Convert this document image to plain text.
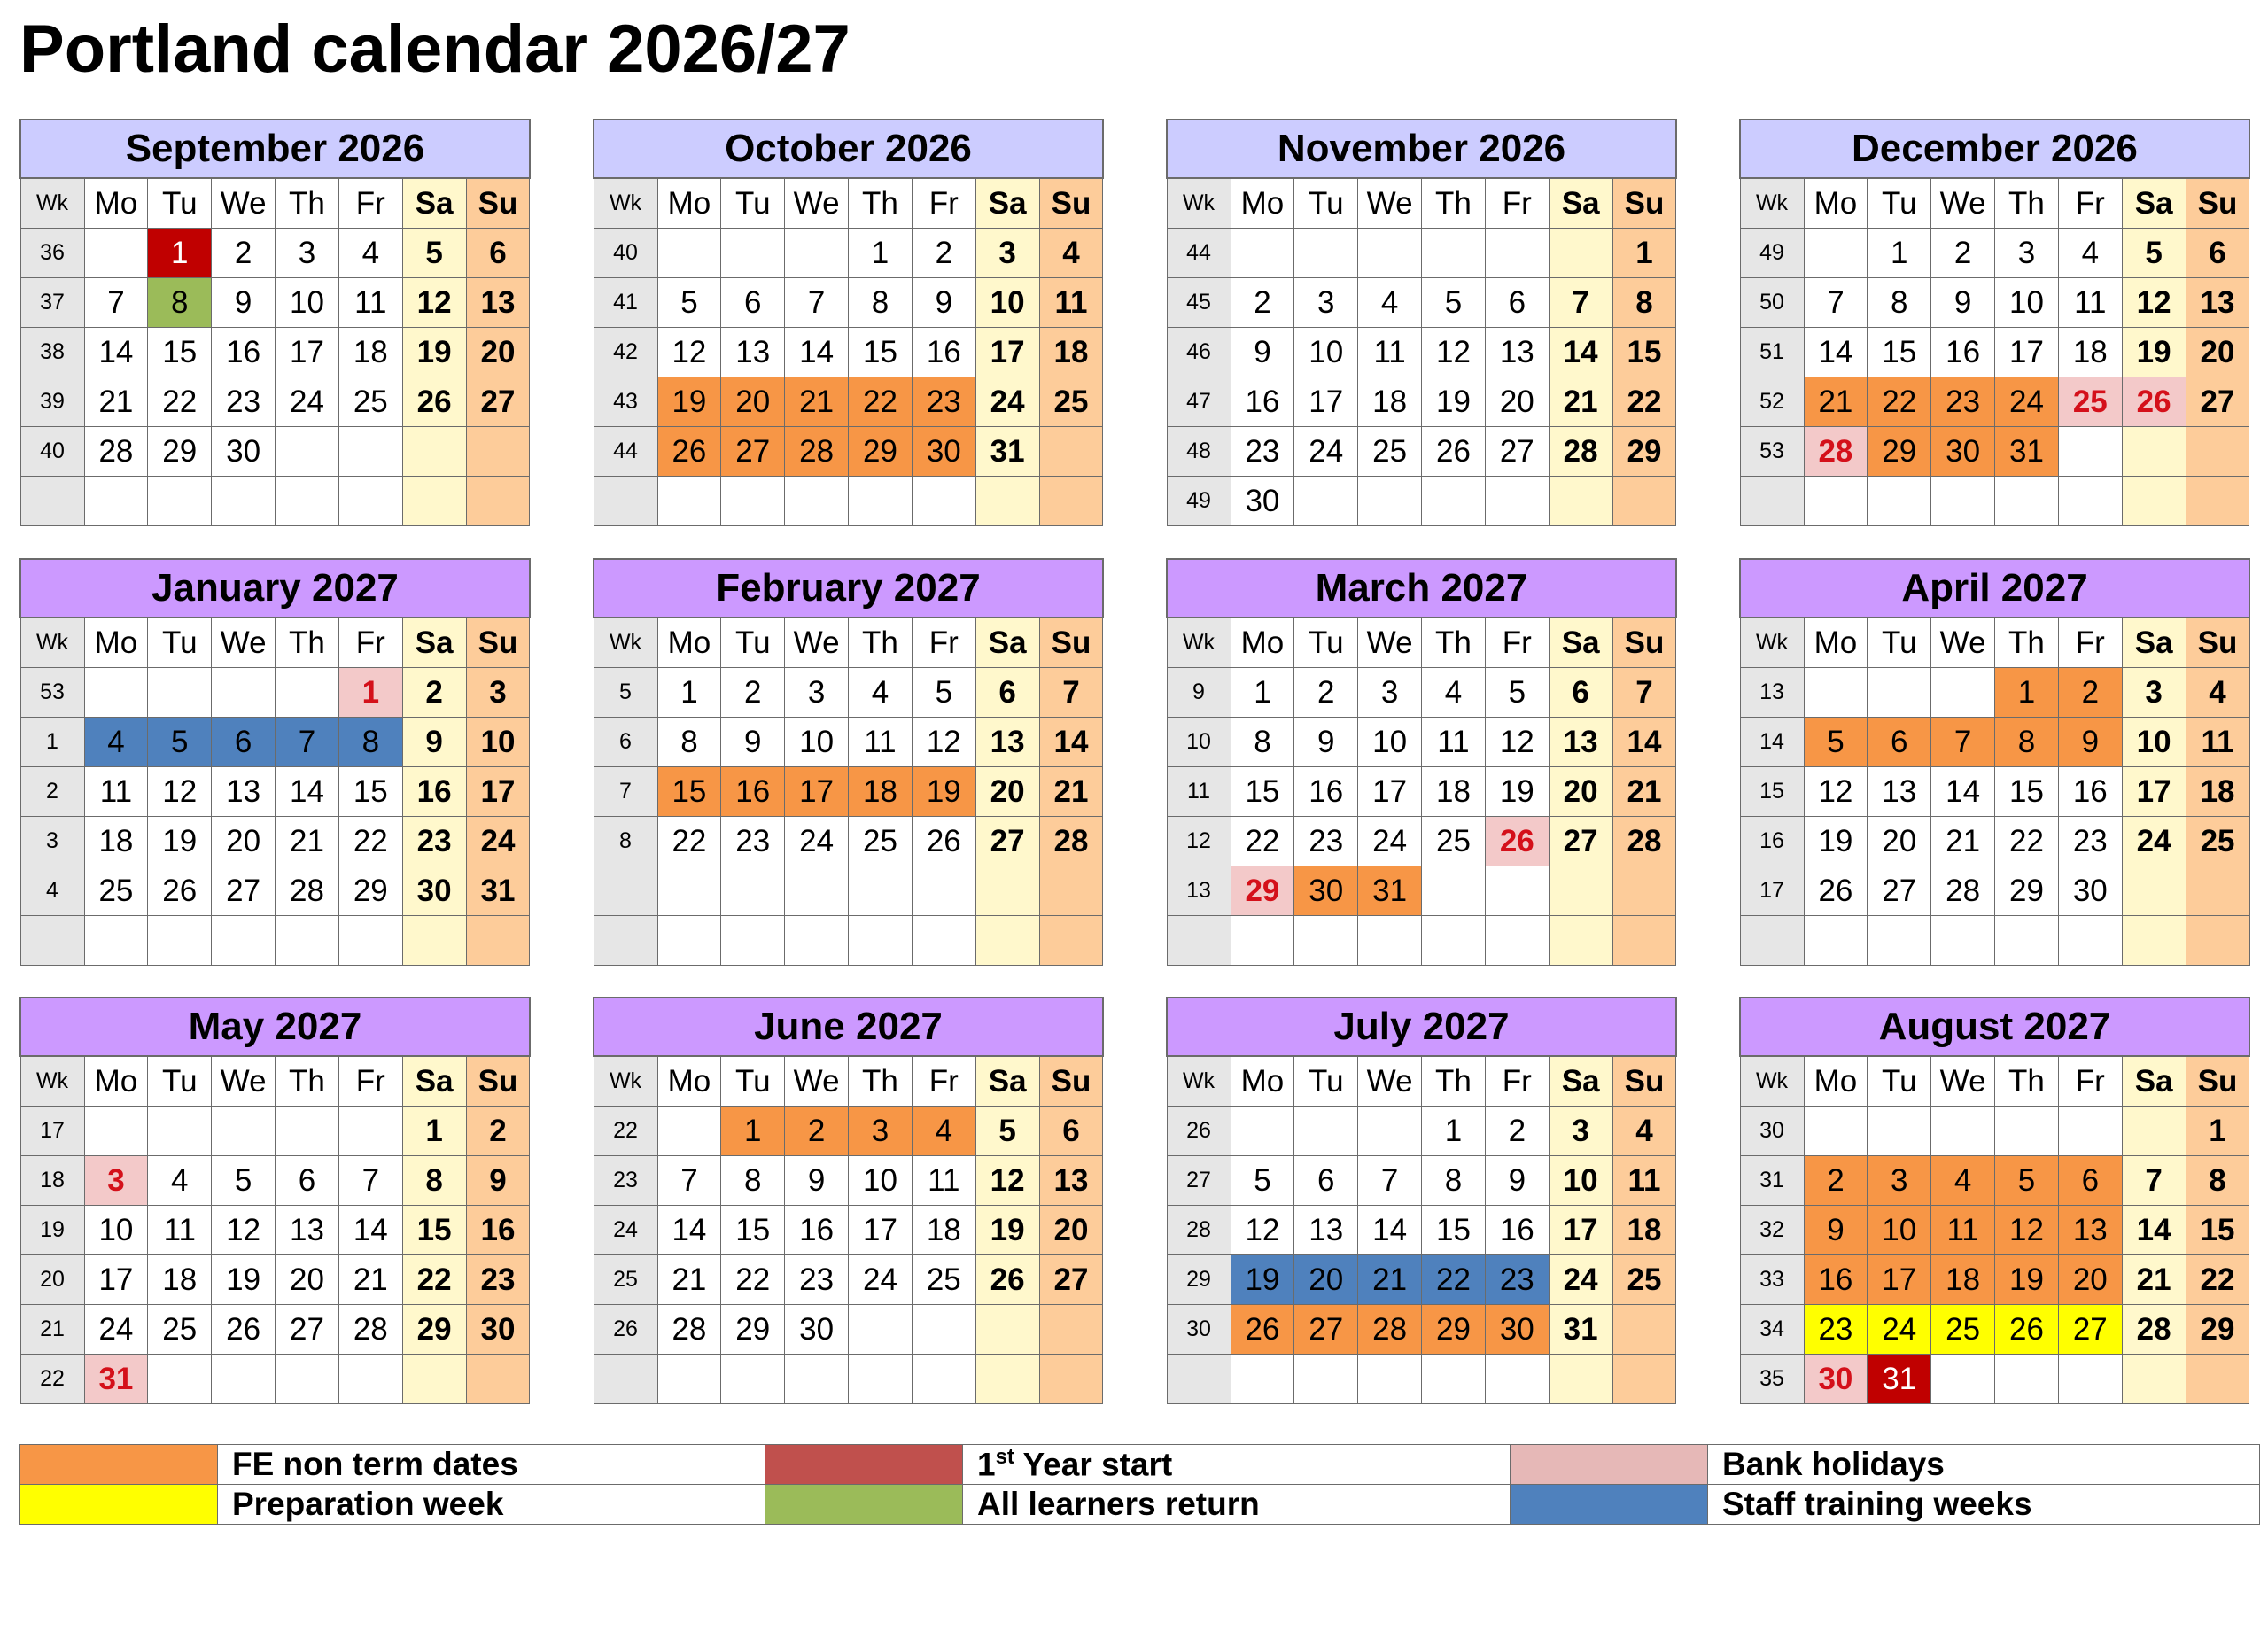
Portland calendar 2026/27
September 2026							
Wk	Mo	Tu	We	Th	Fr	Sa	Su
36		1	2	3	4	5	6
37	7	8	9	10	11	12	13
38	14	15	16	17	18	19	20
39	21	22	23	24	25	26	27
40	28	29	30				

October 2026							
Wk	Mo	Tu	We	Th	Fr	Sa	Su
40				1	2	3	4
41	5	6	7	8	9	10	11
42	12	13	14	15	16	17	18
43	19	20	21	22	23	24	25
44	26	27	28	29	30	31	

November 2026							
Wk	Mo	Tu	We	Th	Fr	Sa	Su
44							1
45	2	3	4	5	6	7	8
46	9	10	11	12	13	14	15
47	16	17	18	19	20	21	22
48	23	24	25	26	27	28	29
49	30						
December 2026							
Wk	Mo	Tu	We	Th	Fr	Sa	Su
49		1	2	3	4	5	6
50	7	8	9	10	11	12	13
51	14	15	16	17	18	19	20
52	21	22	23	24	25	26	27
53	28	29	30	31			

January 2027							
Wk	Mo	Tu	We	Th	Fr	Sa	Su
53					1	2	3
1	4	5	6	7	8	9	10
2	11	12	13	14	15	16	17
3	18	19	20	21	22	23	24
4	25	26	27	28	29	30	31

February 2027							
Wk	Mo	Tu	We	Th	Fr	Sa	Su
5	1	2	3	4	5	6	7
6	8	9	10	11	12	13	14
7	15	16	17	18	19	20	21
8	22	23	24	25	26	27	28

March 2027							
Wk	Mo	Tu	We	Th	Fr	Sa	Su
9	1	2	3	4	5	6	7
10	8	9	10	11	12	13	14
11	15	16	17	18	19	20	21
12	22	23	24	25	26	27	28
13	29	30	31				

April 2027							
Wk	Mo	Tu	We	Th	Fr	Sa	Su
13				1	2	3	4
14	5	6	7	8	9	10	11
15	12	13	14	15	16	17	18
16	19	20	21	22	23	24	25
17	26	27	28	29	30		

May 2027							
Wk	Mo	Tu	We	Th	Fr	Sa	Su
17						1	2
18	3	4	5	6	7	8	9
19	10	11	12	13	14	15	16
20	17	18	19	20	21	22	23
21	24	25	26	27	28	29	30
22	31						
June 2027							
Wk	Mo	Tu	We	Th	Fr	Sa	Su
22		1	2	3	4	5	6
23	7	8	9	10	11	12	13
24	14	15	16	17	18	19	20
25	21	22	23	24	25	26	27
26	28	29	30				

July 2027							
Wk	Mo	Tu	We	Th	Fr	Sa	Su
26				1	2	3	4
27	5	6	7	8	9	10	11
28	12	13	14	15	16	17	18
29	19	20	21	22	23	24	25
30	26	27	28	29	30	31	

August 2027							
Wk	Mo	Tu	We	Th	Fr	Sa	Su
30							1
31	2	3	4	5	6	7	8
32	9	10	11	12	13	14	15
33	16	17	18	19	20	21	22
34	23	24	25	26	27	28	29
35	30	31					
	FE non term dates		1st Year start		Bank holidays
	Preparation week		All learners return		Staff training weeks
